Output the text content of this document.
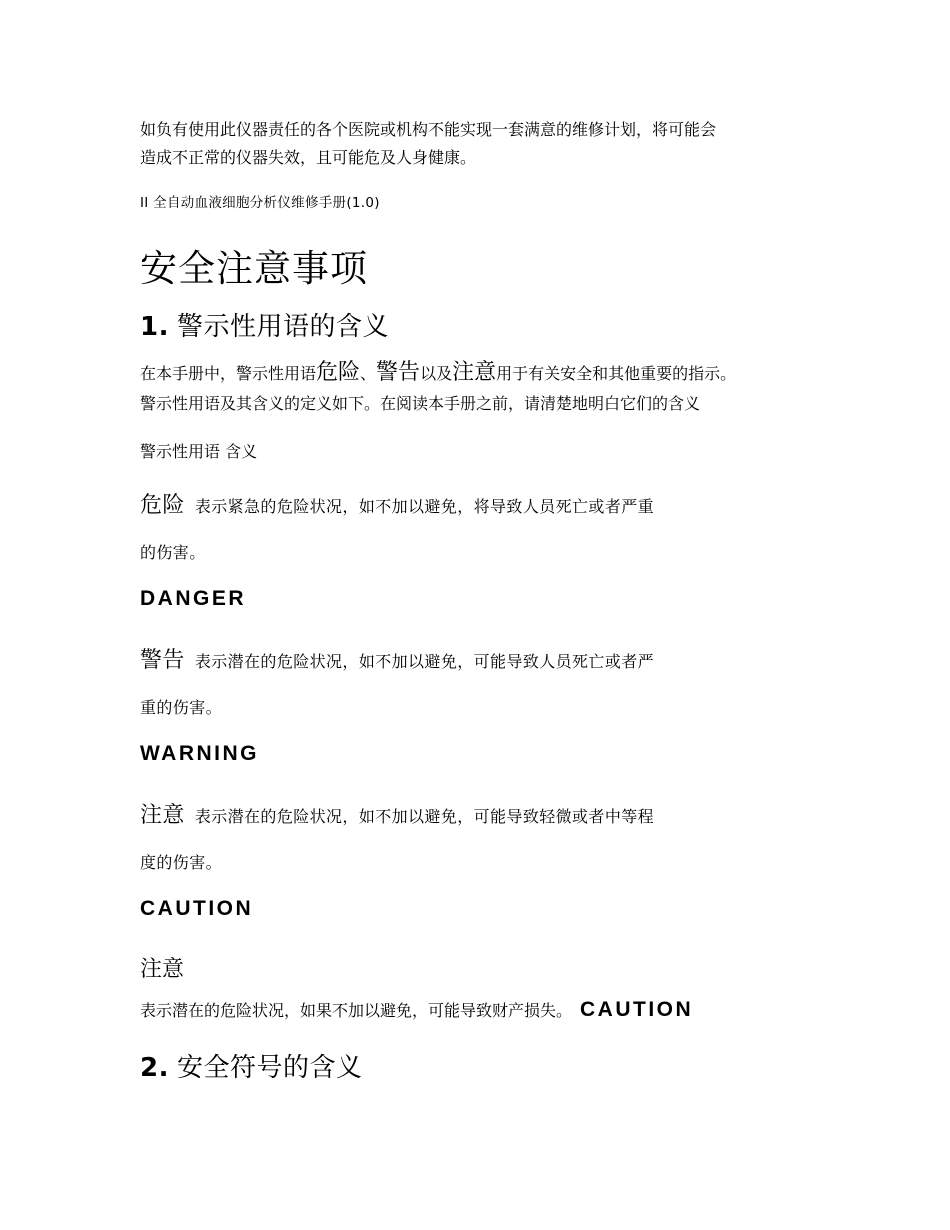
如负有使用此仪器责任的各个医院或机构不能实现一套满意的维修计划，将可能会
造成不正常的仪器失效，且可能危及人身健康。
II 全自动血液细胞分析仪维修手册(1.0)
安全注意事项
1. 警示性用语的含义
在本手册中，警示性用语危险、警告以及注意用于有关安全和其他重要的指示。
警示性用语及其含义的定义如下。在阅读本手册之前，请清楚地明白它们的含义
警示性用语 含义
危险 表示紧急的危险状况，如不加以避免，将导致人员死亡或者严重
的伤害。
DANGER
警告 表示潜在的危险状况，如不加以避免，可能导致人员死亡或者严
重的伤害。
WARNING
注意 表示潜在的危险状况，如不加以避免，可能导致轻微或者中等程
度的伤害。
CAUTION
注意
表示潜在的危险状况，如果不加以避免，可能导致财产损失。 CAUTION
2. 安全符号的含义
